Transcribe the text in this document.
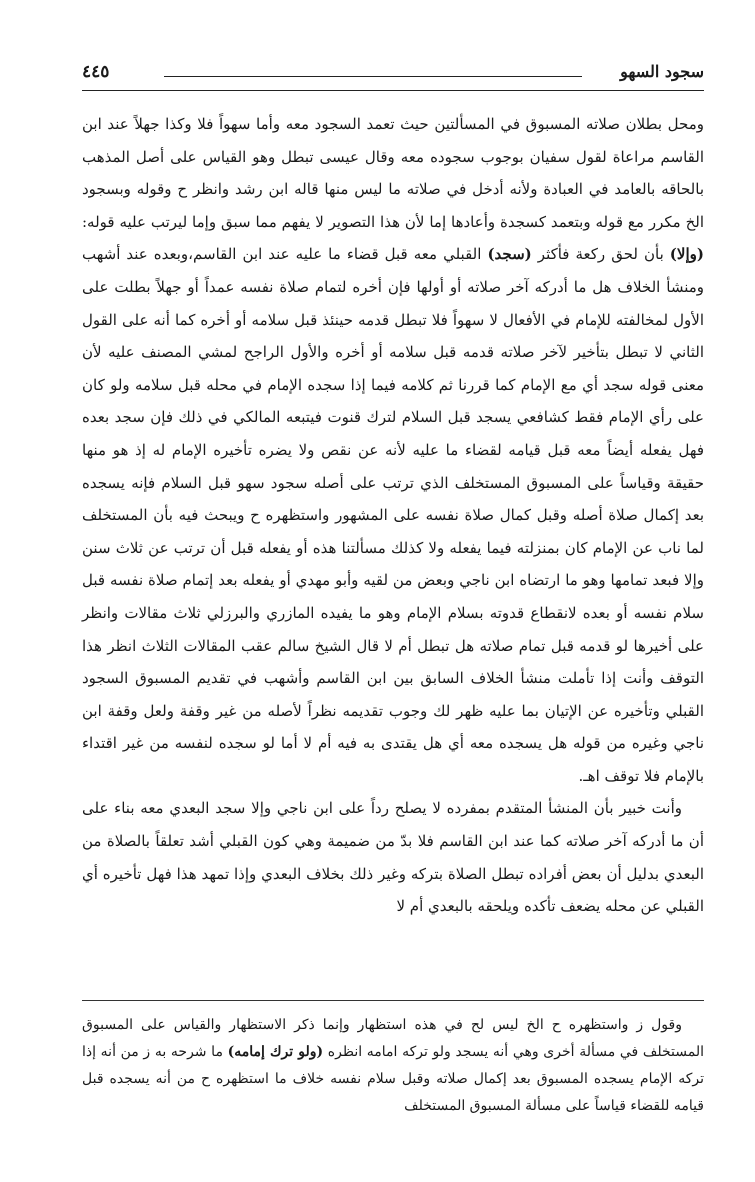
سجود السهو
٤٤٥

ومحل بطلان صلاته المسبوق في المسألتين حيث تعمد السجود معه وأما سهواً فلا وكذا جهلاً عند ابن القاسم مراعاة لقول سفيان بوجوب سجوده معه وقال عيسى تبطل وهو القياس على أصل المذهب بالحاقه بالعامد في العبادة ولأنه أدخل في صلاته ما ليس منها قاله ابن رشد وانظر ح وقوله وبسجود الخ مكرر مع قوله وبتعمد كسجدة وأعادها إما لأن هذا التصوير لا يفهم مما سبق وإما ليرتب عليه قوله: (وإلا) بأن لحق ركعة فأكثر (سجد) القبلي معه قبل قضاء ما عليه عند ابن القاسم،وبعده عند أشهب ومنشأ الخلاف هل ما أدركه آخر صلاته أو أولها فإن أخره لتمام صلاة نفسه عمداً أو جهلاً بطلت على الأول لمخالفته للإمام في الأفعال لا سهواً فلا تبطل قدمه حينئذ قبل سلامه أو أخره كما أنه على القول الثاني لا تبطل بتأخير لآخر صلاته قدمه قبل سلامه أو أخره والأول الراجح لمشي المصنف عليه لأن معنى قوله سجد أي مع الإمام كما قررنا ثم كلامه فيما إذا سجده الإمام في محله قبل سلامه ولو كان على رأي الإمام فقط كشافعي يسجد قبل السلام لترك قنوت فيتبعه المالكي في ذلك فإن سجد بعده فهل يفعله أيضاً معه قبل قيامه لقضاء ما عليه لأنه عن نقص ولا يضره تأخيره الإمام له إذ هو منها حقيقة وقياساً على المسبوق المستخلف الذي ترتب على أصله سجود سهو قبل السلام فإنه يسجده بعد إكمال صلاة أصله وقبل كمال صلاة نفسه على المشهور واستظهره ح ويبحث فيه بأن المستخلف لما ناب عن الإمام كان بمنزلته فيما يفعله ولا كذلك مسألتنا هذه أو يفعله قبل أن ترتب عن ثلاث سنن وإلا فبعد تمامها وهو ما ارتضاه ابن ناجي وبعض من لقيه وأبو مهدي أو يفعله بعد إتمام صلاة نفسه قبل سلام نفسه أو بعده لانقطاع قدوته بسلام الإمام وهو ما يفيده المازري والبرزلي ثلاث مقالات وانظر على أخيرها لو قدمه قبل تمام صلاته هل تبطل أم لا قال الشيخ سالم عقب المقالات الثلاث انظر هذا التوقف وأنت إذا تأملت منشأ الخلاف السابق بين ابن القاسم وأشهب في تقديم المسبوق السجود القبلي وتأخيره عن الإتيان بما عليه ظهر لك وجوب تقديمه نظراً لأصله من غير وقفة ولعل وقفة ابن ناجي وغيره من قوله هل يسجده معه أي هل يقتدى به فيه أم لا أما لو سجده لنفسه من غير اقتداء بالإمام فلا توقف اهـ.

وأنت خبير بأن المنشأ المتقدم بمفرده لا يصلح رداً على ابن ناجي وإلا سجد البعدي معه بناء على أن ما أدركه آخر صلاته كما عند ابن القاسم فلا بدّ من ضميمة وهي كون القبلي أشد تعلقاً بالصلاة من البعدي بدليل أن بعض أفراده تبطل الصلاة بتركه وغير ذلك بخلاف البعدي وإذا تمهد هذا فهل تأخيره أي القبلي عن محله يضعف تأكده ويلحقه بالبعدي أم لا

وقول ز واستظهره ح الخ ليس لح في هذه استظهار وإنما ذكر الاستظهار والقياس على المسبوق المستخلف في مسألة أخرى وهي أنه يسجد ولو تركه امامه انظره (ولو ترك إمامه) ما شرحه به ز من أنه إذا تركه الإمام يسجده المسبوق بعد إكمال صلاته وقبل سلام نفسه خلاف ما استظهره ح من أنه يسجده قبل قيامه للقضاء قياساً على مسألة المسبوق المستخلف
